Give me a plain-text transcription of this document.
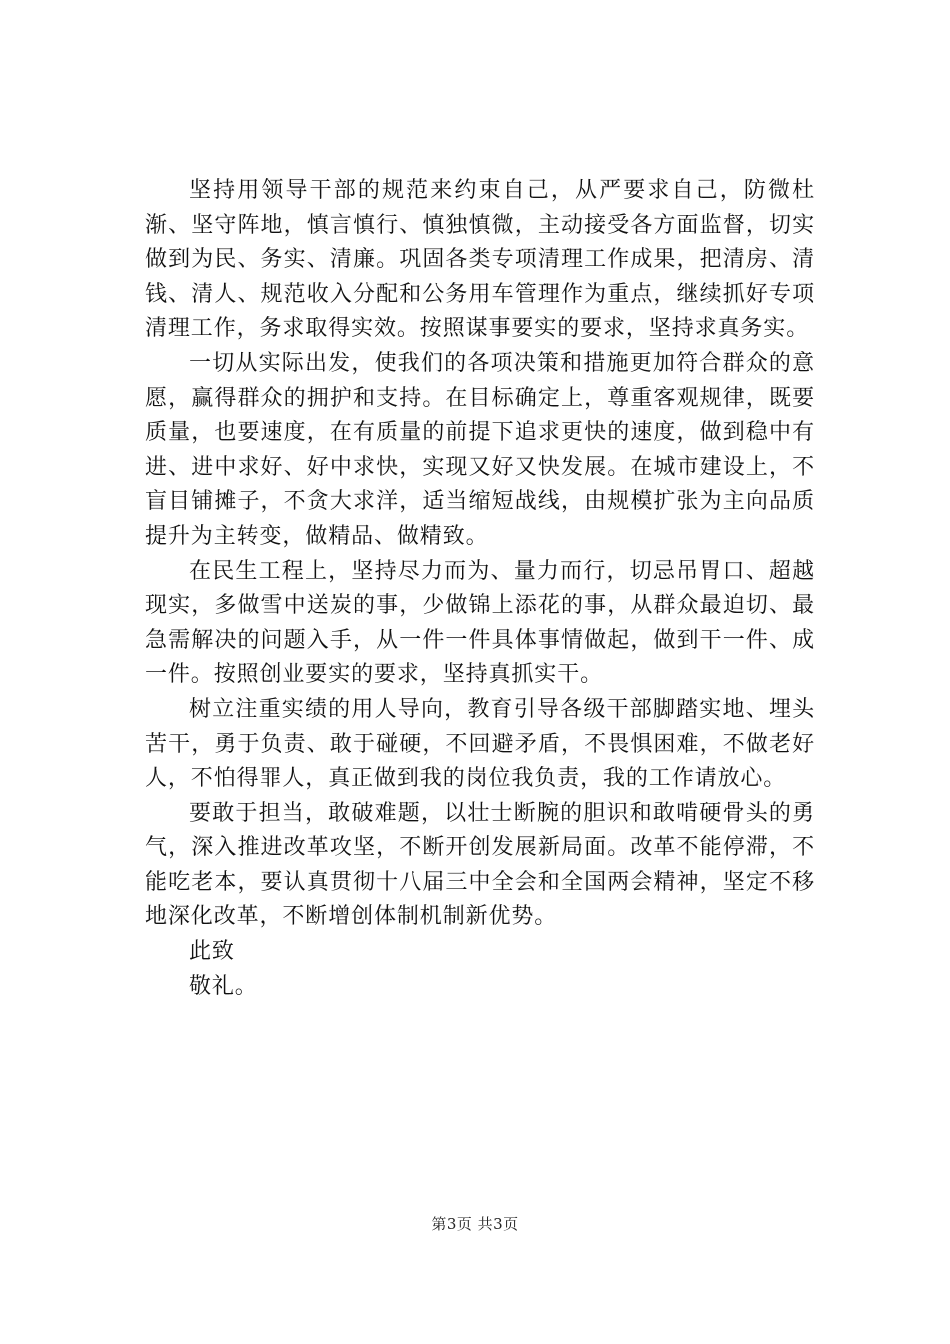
坚持用领导干部的规范来约束自己，从严要求自己，防微杜渐、坚守阵地，慎言慎行、慎独慎微，主动接受各方面监督，切实做到为民、务实、清廉。巩固各类专项清理工作成果，把清房、清钱、清人、规范收入分配和公务用车管理作为重点，继续抓好专项清理工作，务求取得实效。按照谋事要实的要求，坚持求真务实。

一切从实际出发，使我们的各项决策和措施更加符合群众的意愿，赢得群众的拥护和支持。在目标确定上，尊重客观规律，既要质量，也要速度，在有质量的前提下追求更快的速度，做到稳中有进、进中求好、好中求快，实现又好又快发展。在城市建设上，不盲目铺摊子，不贪大求洋，适当缩短战线，由规模扩张为主向品质提升为主转变，做精品、做精致。

在民生工程上，坚持尽力而为、量力而行，切忌吊胃口、超越现实，多做雪中送炭的事，少做锦上添花的事，从群众最迫切、最急需解决的问题入手，从一件一件具体事情做起，做到干一件、成一件。按照创业要实的要求，坚持真抓实干。

树立注重实绩的用人导向，教育引导各级干部脚踏实地、埋头苦干，勇于负责、敢于碰硬，不回避矛盾，不畏惧困难，不做老好人，不怕得罪人，真正做到我的岗位我负责，我的工作请放心。

要敢于担当，敢破难题，以壮士断腕的胆识和敢啃硬骨头的勇气，深入推进改革攻坚，不断开创发展新局面。改革不能停滞，不能吃老本，要认真贯彻十八届三中全会和全国两会精神，坚定不移地深化改革，不断增创体制机制新优势。

此致

敬礼。

第3页 共3页
